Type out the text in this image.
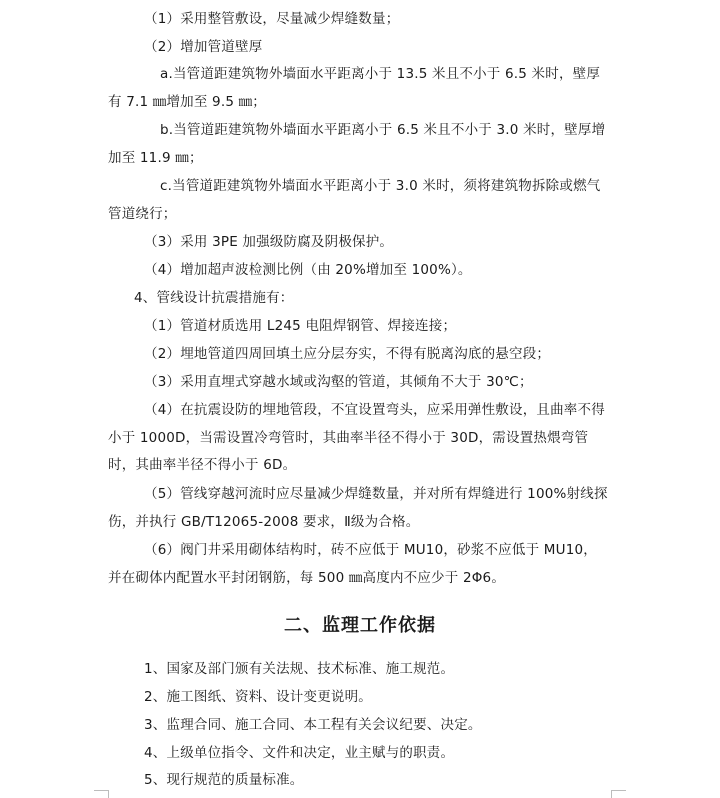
（1）采用整管敷设，尽量减少焊缝数量；

（2）增加管道壁厚

a.当管道距建筑物外墙面水平距离小于 13.5 米且不小于 6.5 米时，壁厚有 7.1 ㎜增加至 9.5 ㎜；

b.当管道距建筑物外墙面水平距离小于 6.5 米且不小于 3.0 米时，壁厚增加至 11.9 ㎜；

c.当管道距建筑物外墙面水平距离小于 3.0 米时，须将建筑物拆除或燃气管道绕行；

（3）采用 3PE 加强级防腐及阴极保护。

（4）增加超声波检测比例（由 20%增加至 100%）。

4、管线设计抗震措施有：

（1）管道材质选用 L245 电阻焊钢管、焊接连接；

（2）埋地管道四周回填土应分层夯实，不得有脱离沟底的悬空段；

（3）采用直埋式穿越水域或沟壑的管道，其倾角不大于 30℃；

（4）在抗震设防的埋地管段，不宜设置弯头，应采用弹性敷设，且曲率不得小于 1000D，当需设置冷弯管时，其曲率半径不得小于 30D，需设置热煨弯管时，其曲率半径不得小于 6D。

（5）管线穿越河流时应尽量减少焊缝数量，并对所有焊缝进行 100%射线探伤，并执行 GB/T12065-2008 要求，Ⅱ级为合格。

（6）阀门井采用砌体结构时，砖不应低于 MU10，砂浆不应低于 MU10，并在砌体内配置水平封闭钢筋，每 500 ㎜高度内不应少于 2Φ6。

二、监理工作依据

1、国家及部门颁有关法规、技术标准、施工规范。

2、施工图纸、资料、设计变更说明。

3、监理合同、施工合同、本工程有关会议纪要、决定。

4、上级单位指令、文件和决定，业主赋与的职责。

5、现行规范的质量标准。
